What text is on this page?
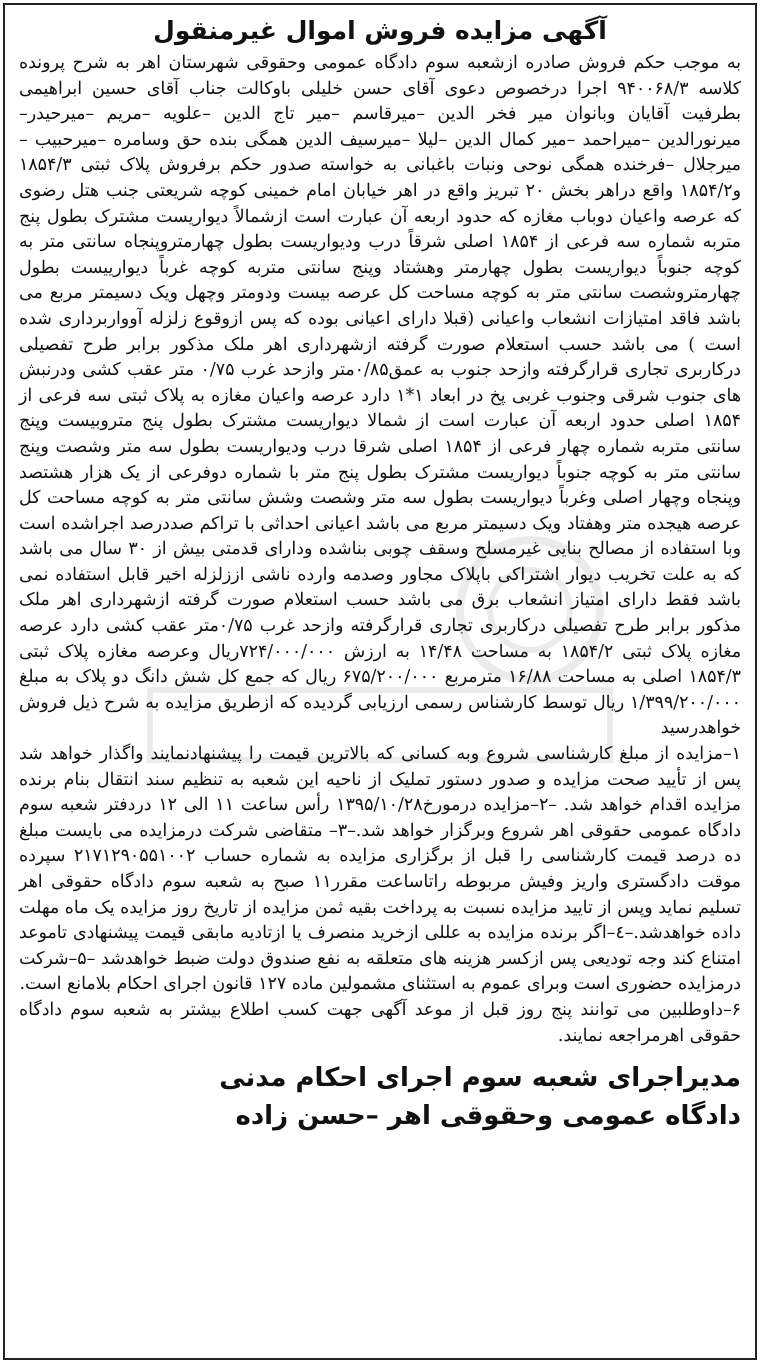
آگهی مزایده فروش اموال غیرمنقول

به موجب حکم فروش صادره ازشعبه سوم دادگاه عمومی وحقوقی شهرستان اهر به شرح پرونده کلاسه ۹۴۰۰۶۸/۳ اجرا درخصوص دعوی آقای حسن خلیلی باوکالت جناب آقای حسین ابراهیمی بطرفیت آقایان وبانوان میر فخر الدین –میرقاسم –میر تاج الدین –علویه –مریم –میرحیدر– میرنورالدین –میراحمد –میر کمال الدین –لیلا –میرسیف الدین همگی بنده حق وسامره –میرحبیب –میرجلال –فرخنده همگی نوحی ونبات باغبانی به خواسته صدور حکم برفروش پلاک ثبتی ۱۸۵۴/۳ و۱۸۵۴/۲ واقع دراهر بخش ۲۰ تبریز واقع در اهر خیابان امام خمینی کوچه شریعتی جنب هتل رضوی که عرصه واعیان دوباب مغازه که حدود اربعه آن عبارت است ازشمالاً دیواریست مشترک بطول پنج متربه شماره سه فرعی از ۱۸۵۴ اصلی شرقاً درب ودیواریست بطول چهارمتروپنجاه سانتی متر به کوچه جنوباً دیواریست بطول چهارمتر وهشتاد وپنج سانتی متربه کوچه غرباً دیوارییست بطول چهارمتروشصت سانتی متر به کوچه مساحت کل عرصه بیست ودومتر وچهل ویک دسیمتر مربع می باشد فاقد امتیازات انشعاب واعیانی (قبلا دارای اعیانی بوده که پس ازوقوع زلزله آوواربرداری شده است ) می باشد حسب استعلام صورت گرفته ازشهرداری اهر ملک مذکور برابر طرح تفصیلی درکاربری تجاری قرارگرفته وازحد جنوب به عمق۰/۸۵متر وازحد غرب ۰/۷۵ متر عقب کشی ودرنبش های جنوب شرقی وجنوب غربی پخ در ابعاد ۱*۱ دارد عرصه واعیان مغازه به پلاک ثبتی سه فرعی از ۱۸۵۴ اصلی حدود اربعه آن عبارت است از شمالا دیواریست مشترک بطول پنج متروبیست وپنج سانتی متربه شماره چهار فرعی از ۱۸۵۴ اصلی شرقا درب ودیواریست بطول سه متر وشصت وپنج سانتی متر به کوچه جنوباً دیواریست مشترک بطول پنج متر با شماره دوفرعی از یک هزار هشتصد وپنجاه وچهار اصلی وغرباً دیواریست بطول سه متر وشصت وشش سانتی متر به کوچه مساحت کل عرصه هیجده متر وهفتاد ویک دسیمتر مربع می باشد اعیانی احداثی با تراکم صددرصد اجراشده است وبا استفاده از مصالح بنایی غیرمسلح وسقف چوبی بناشده ودارای قدمتی بیش از ۳۰ سال می باشد که به علت تخریب دیوار اشتراکی باپلاک مجاور وصدمه وارده ناشی اززلزله اخیر قابل استفاده نمی باشد فقط دارای امتیاز انشعاب برق می باشد حسب استعلام صورت گرفته ازشهرداری اهر ملک مذکور برابر طرح تفصیلی درکاربری تجاری قرارگرفته وازحد غرب ۰/۷۵متر عقب کشی دارد عرصه مغازه پلاک ثبتی ۱۸۵۴/۲ به مساحت ۱۴/۴۸ به ارزش ۷۲۴/۰۰۰/۰۰۰ریال وعرصه مغازه پلاک ثبتی ۱۸۵۴/۳ اصلی به مساحت ۱۶/۸۸ مترمربع ۶۷۵/۲۰۰/۰۰۰ ریال که جمع کل شش دانگ دو پلاک به مبلغ ۱/۳۹۹/۲۰۰/۰۰۰ ریال توسط کارشناس رسمی ارزیابی گردیده که ازطریق مزایده به شرح ذیل فروش خواهدرسید

۱–مزایده از مبلغ کارشناسی شروع وبه کسانی که بالاترین قیمت را پیشنهادنمایند واگذار خواهد شد پس از تأیید صحت مزایده و صدور دستور تملیک از ناحیه این شعبه به تنظیم سند انتقال بنام برنده مزایده اقدام خواهد شد. –۲–مزایده درمورخ۱۳۹۵/۱۰/۲۸ رأس ساعت ۱۱ الی ۱۲ دردفتر شعبه سوم دادگاه عمومی حقوقی اهر شروع وبرگزار خواهد شد.–۳– متقاضی شرکت درمزایده می بایست مبلغ ده درصد قیمت کارشناسی را قبل از برگزاری مزایده به شماره حساب ۲۱۷۱۲۹۰۵۵۱۰۰۲ سپرده موقت دادگستری واریز وفیش مربوطه راتاساعت مقرر۱۱ صبح به شعبه سوم دادگاه حقوقی اهر تسلیم نماید وپس از تایید مزایده نسبت به پرداخت بقیه ثمن مزایده از تاریخ روز مزایده یک ماه مهلت داده خواهدشد.–٤–اگر برنده مزایده به عللی ازخرید منصرف یا ازتادیه مابقی قیمت پیشنهادی تاموعد امتناع کند وجه تودیعی پس ازکسر هزینه های متعلقه به نفع صندوق دولت ضبط خواهدشد –۵–شرکت درمزایده حضوری است وبرای عموم به استثنای مشمولین ماده ۱۲۷ قانون اجرای احکام بلامانع است.

۶–داوطلبین می توانند پنج روز قبل از موعد آگهی جهت کسب اطلاع بیشتر به شعبه سوم دادگاه حقوقی اهرمراجعه نمایند.

مدیراجرای شعبه سوم اجرای احکام مدنی
دادگاه عمومی وحقوقی اهر –حسن زاده
